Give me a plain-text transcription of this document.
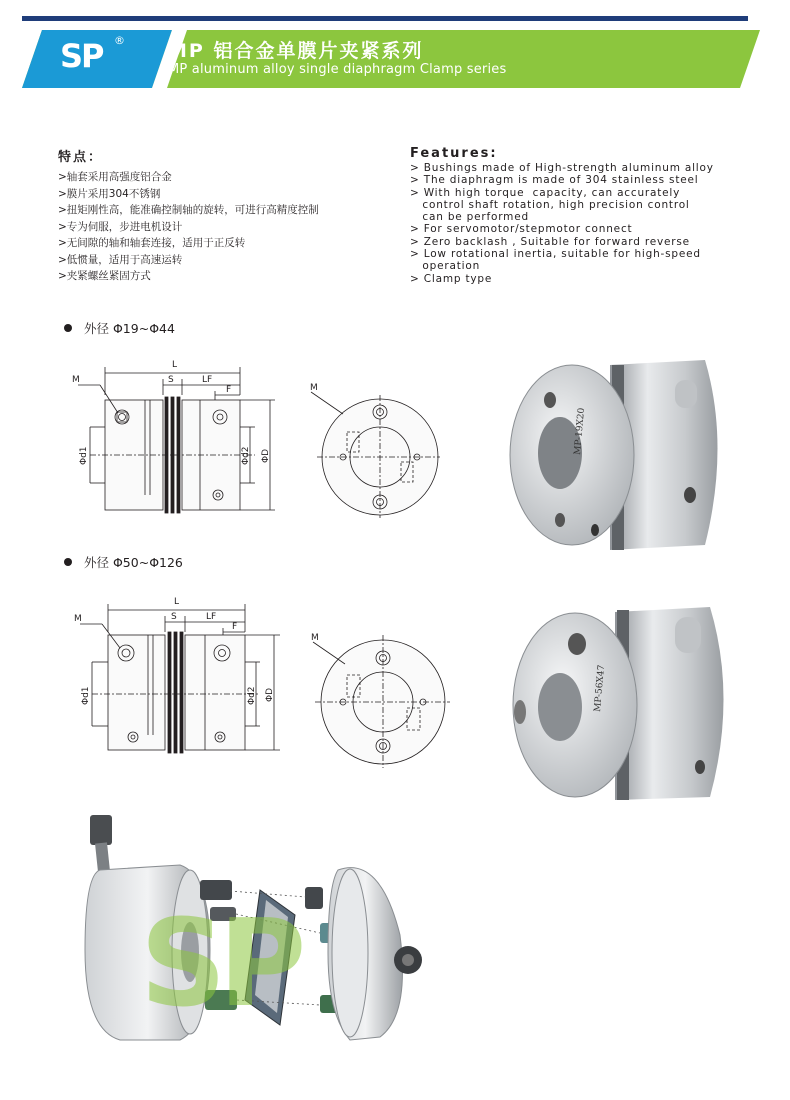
SP	® MP 铝合金单膜片夹紧系列
MP aluminum alloy single diaphragm Clamp series
特点：
>轴套采用高强度铝合金
>膜片采用304不锈钢
>扭矩刚性高，能准确控制轴的旋转，可进行高精度控制
>专为伺服，步进电机设计
>无间隙的轴和轴套连接，适用于正反转
>低惯量，适用于高速运转
>夹紧螺丝紧固方式
Features:
> Bushings made of High-strength aluminum alloy
> The diaphragm is made of 304 stainless steel
> With high torque  capacity, can accurately
control shaft rotation, high precision control
can be performed
> For servomotor/stepmotor connect
> Zero backlash , Suitable for forward reverse
> Low rotational inertia, suitable for high-speed
operation
> Clamp type
外径 Φ19~Φ44
外径 Φ50~Φ126
L
S	LF
F
M
Φd1	Φd2 ΦD
M
MP-19X20
L
S	LF
F
M
Φd1	Φd2 ΦD
M
MP-56X47
SP
